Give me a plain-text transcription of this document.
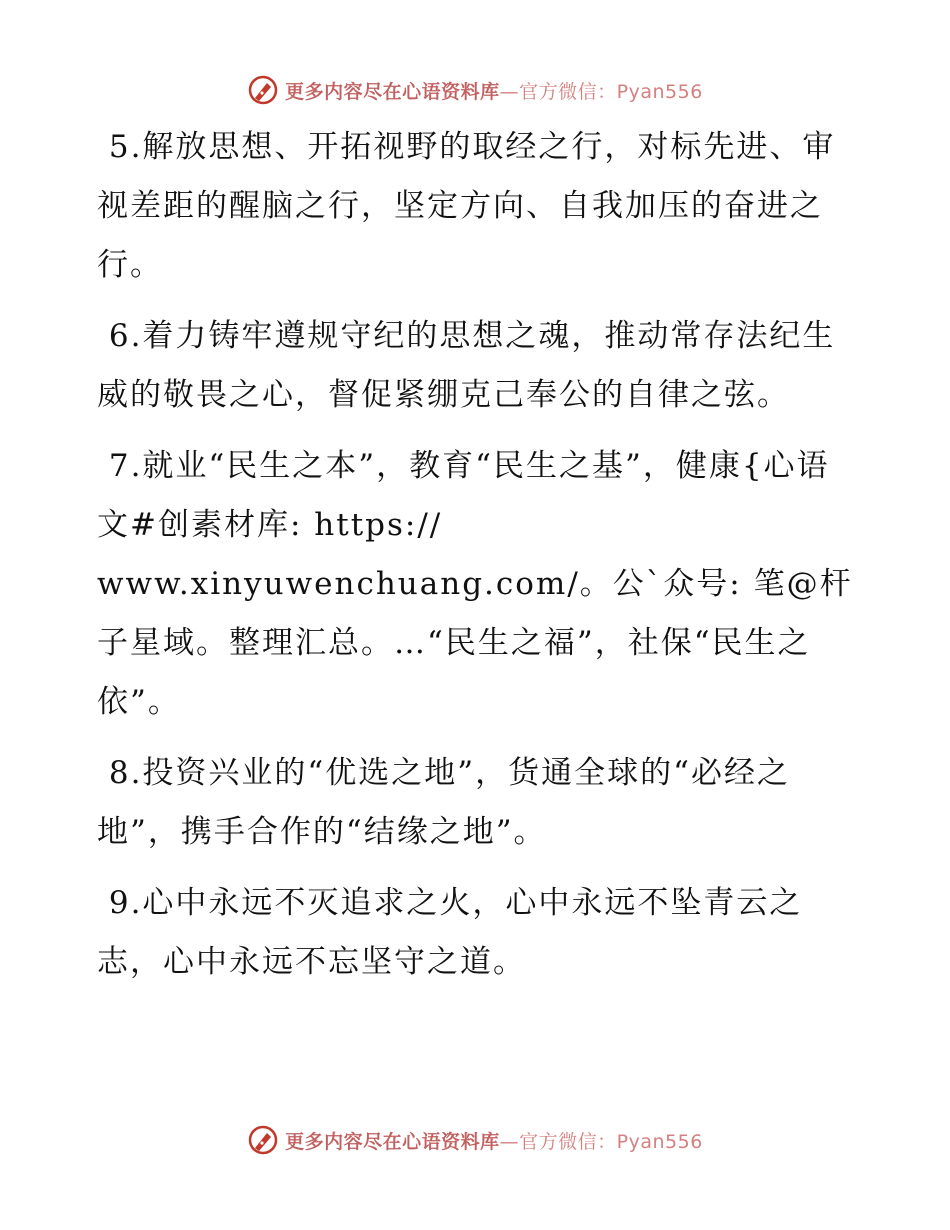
更多内容尽在心语资料库—官方微信：Pyan556

5.解放思想、开拓视野的取经之行，对标先进、审视差距的醒脑之行，坚定方向、自我加压的奋进之行。

6.着力铸牢遵规守纪的思想之魂，推动常存法纪生威的敬畏之心，督促紧绷克己奉公的自律之弦。

7.就业“民生之本”，教育“民生之基”，健康{心语文#创素材库: https://
www.xinyuwenchuang.com/。公`众号: 笔@杆子星域。整理汇总。…“民生之福”，社保“民生之依”。

8.投资兴业的“优选之地”，货通全球的“必经之地”，携手合作的“结缘之地”。

9.心中永远不灭追求之火，心中永远不坠青云之志，心中永远不忘坚守之道。

更多内容尽在心语资料库—官方微信：Pyan556
